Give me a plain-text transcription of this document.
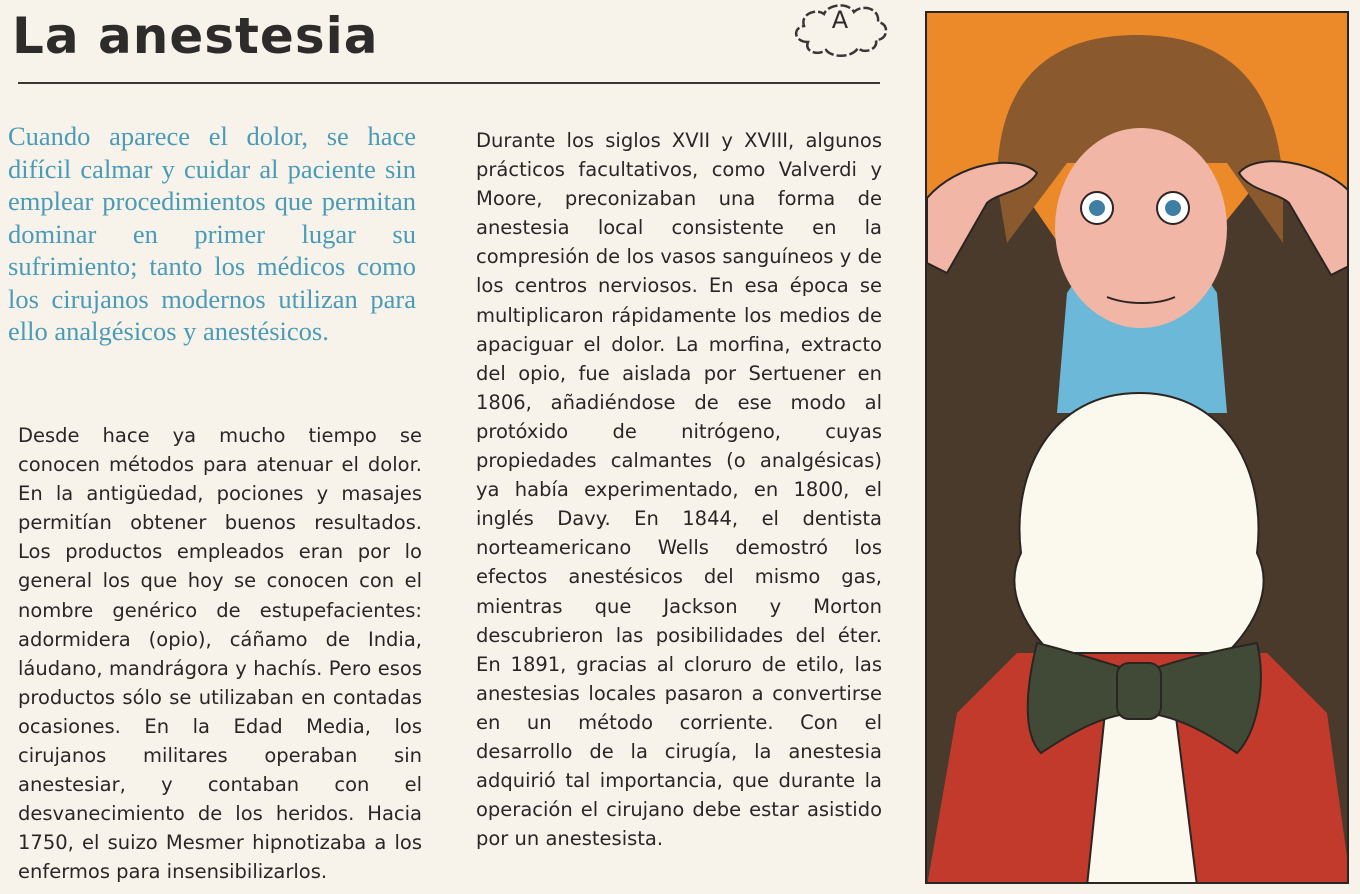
La anestesia	A

Cuando aparece el dolor, se hace difícil calmar y cuidar al paciente sin emplear procedimientos que permitan dominar en primer lugar su sufrimiento; tanto los médicos como los cirujanos modernos utilizan para ello analgésicos y anestésicos.

Desde hace ya mucho tiempo se conocen métodos para atenuar el dolor. En la antigüedad, pociones y masajes permitían obtener buenos resultados. Los productos empleados eran por lo general los que hoy se conocen con el nombre genérico de estupefacientes: adormidera (opio), cáñamo de India, láudano, mandrágora y hachís. Pero esos productos sólo se utilizaban en contadas ocasiones. En la Edad Media, los cirujanos militares operaban sin anestesiar, y contaban con el desvanecimiento de los heridos. Hacia 1750, el suizo Mesmer hipnotizaba a los enfermos para insensibilizarlos.

Durante los siglos XVII y XVIII, algunos prácticos facultativos, como Valverdi y Moore, preconizaban una forma de anestesia local consistente en la compresión de los vasos sanguíneos y de los centros nerviosos. En esa época se multiplicaron rápidamente los medios de apaciguar el dolor. La morfina, extracto del opio, fue aislada por Sertuener en 1806, añadiéndose de ese modo al protóxido de nitrógeno, cuyas propiedades calmantes (o analgésicas) ya había experimentado, en 1800, el inglés Davy. En 1844, el dentista norteamericano Wells demostró los efectos anestésicos del mismo gas, mientras que Jackson y Morton descubrieron las posibilidades del éter. En 1891, gracias al cloruro de etilo, las anestesias locales pasaron a convertirse en un método corriente. Con el desarrollo de la cirugía, la anestesia adquirió tal importancia, que durante la operación el cirujano debe estar asistido por un anestesista.
